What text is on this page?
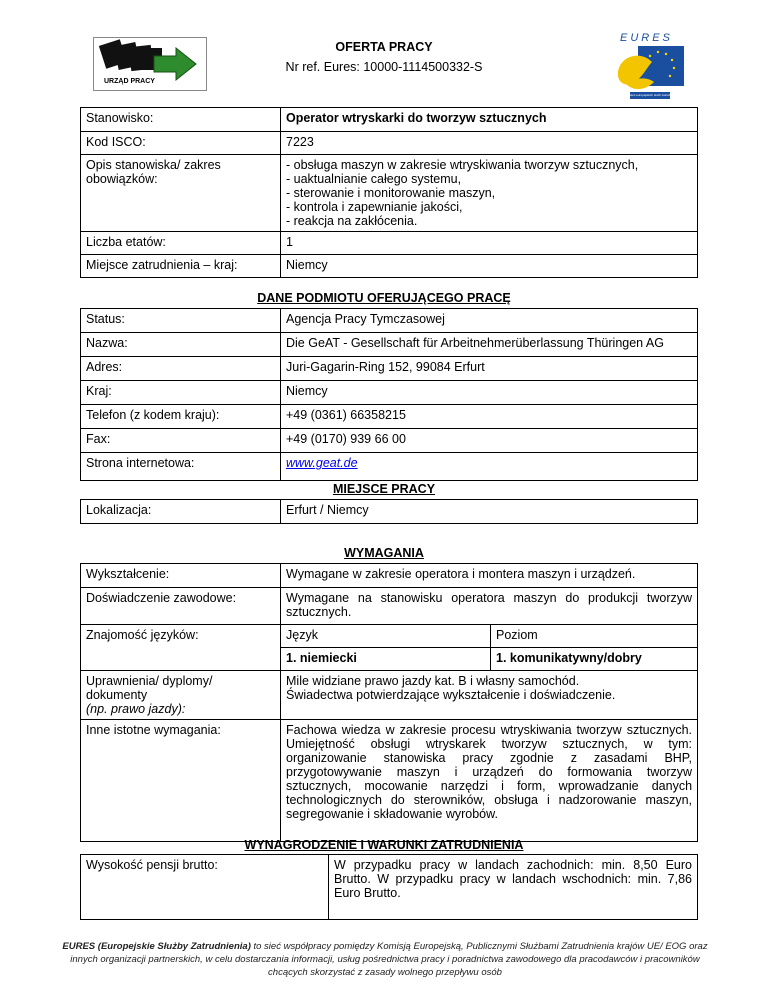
URZĄD PRACY
EURES
sieć europejskich służb zatrudnienia
OFERTA PRACY
Nr ref. Eures: 10000-1114500332-S
Stanowisko:	Operator wtryskarki do tworzyw sztucznych
Kod ISCO:	7223
Opis stanowiska/ zakres obowiązków:	- obsługa maszyn w zakresie wtryskiwania tworzyw sztucznych,
- uaktualnianie całego systemu,
- sterowanie i monitorowanie maszyn,
- kontrola i zapewnianie jakości,
- reakcja na zakłócenia.

Liczba etatów:	1
Miejsce zatrudnienia – kraj:	Niemcy
DANE PODMIOTU OFERUJĄCEGO PRACĘ
Status:	Agencja Pracy Tymczasowej
Nazwa:	Die GeAT - Gesellschaft für Arbeitnehmerüberlassung Thüringen AG
Adres:	Juri-Gagarin-Ring 152, 99084 Erfurt
Kraj:	Niemcy
Telefon (z kodem kraju):	+49 (0361) 66358215
Fax:	+49 (0170) 939 66 00
Strona internetowa:	www.geat.de
MIEJSCE PRACY
Lokalizacja:	Erfurt / Niemcy
WYMAGANIA
Wykształcenie:	Wymagane w zakresie operatora i montera maszyn i urządzeń.	
Doświadczenie zawodowe:	Wymagane na stanowisku operatora maszyn do produkcji tworzyw sztucznych.	
Znajomość języków:	Język	Poziom
	1. niemiecki	1. komunikatywny/dobry

Uprawnienia/ dyplomy/ dokumenty
(np. prawo jazdy):	Mile widziane prawo jazdy kat. B i własny samochód.
Świadectwa potwierdzające wykształcenie i doświadczenie.	

Inne istotne wymagania:	Fachowa wiedza w zakresie procesu wtryskiwania tworzyw sztucznych. Umiejętność obsługi wtryskarek tworzyw sztucznych, w tym: organizowanie stanowiska pracy zgodnie z zasadami BHP, przygotowywanie maszyn i urządzeń do formowania tworzyw sztucznych, mocowanie narzędzi i form, wprowadzanie danych technologicznych do sterowników, obsługa i nadzorowanie maszyn, segregowanie i składowanie wyrobów.	
WYNAGRODZENIE I WARUNKI ZATRUDNIENIA
Wysokość pensji brutto:	W przypadku pracy w landach zachodnich: min. 8,50 Euro Brutto. W przypadku pracy w landach wschodnich: min. 7,86 Euro Brutto.
EURES (Europejskie Służby Zatrudnienia) to sieć współpracy pomiędzy Komisją Europejską, Publicznymi Służbami Zatrudnienia krajów UE/ EOG oraz innych organizacji partnerskich, w celu dostarczania informacji, usług pośrednictwa pracy i poradnictwa zawodowego dla pracodawców i pracowników chcących skorzystać z zasady wolnego przepływu osób
